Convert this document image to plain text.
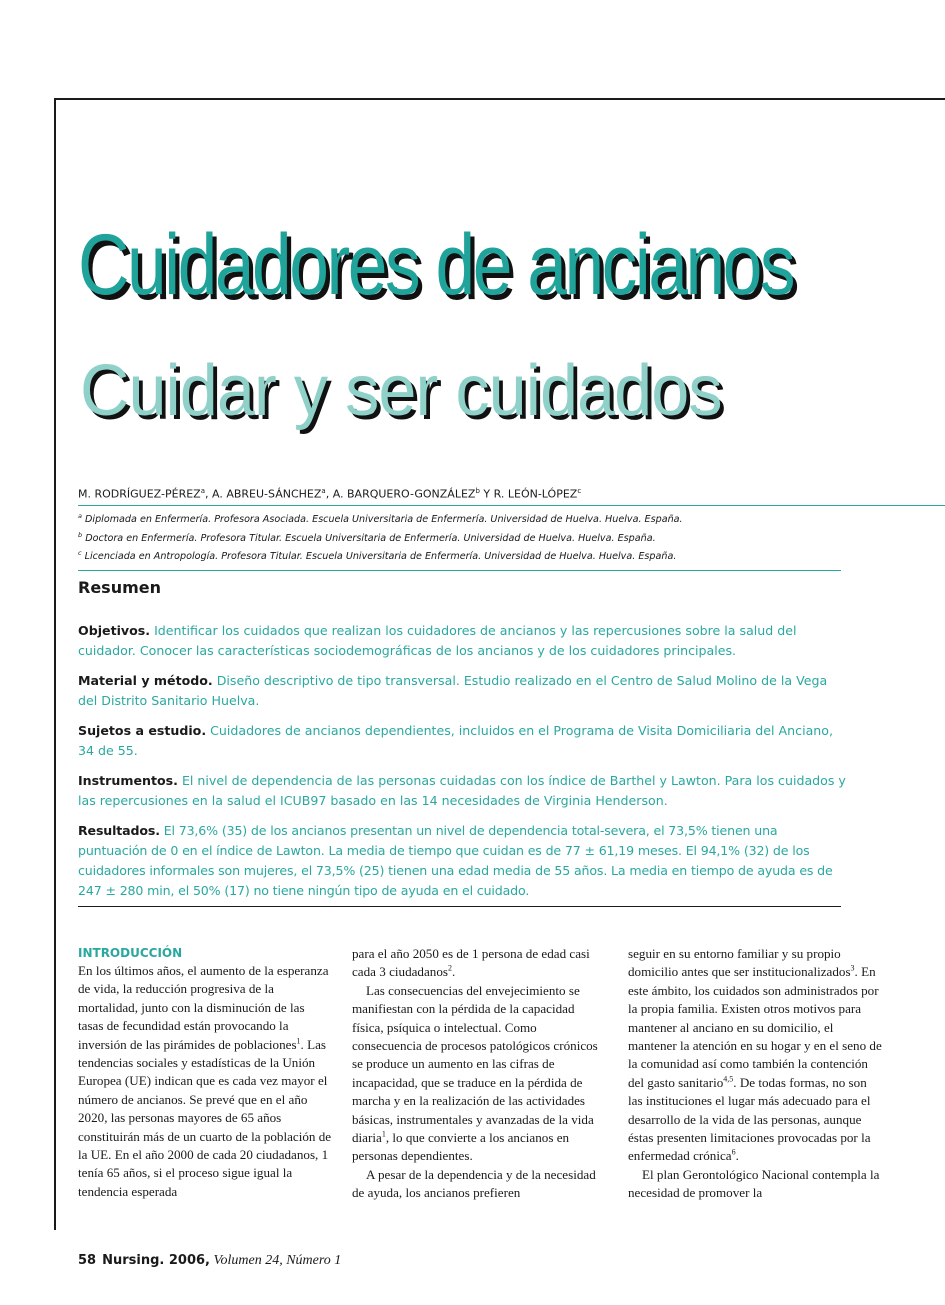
Cuidadores de ancianos
Cuidar y ser cuidados
M. RODRÍGUEZ-PÉREZ$^a$, A. ABREU-SÁNCHEZ$^a$, A. BARQUERO-GONZÁLEZ$^b$ Y R. LEÓN-LÓPEZ$^c$
$^a$ Diplomada en Enfermería. Profesora Asociada. Escuela Universitaria de Enfermería. Universidad de Huelva. Huelva. España.
$^b$ Doctora en Enfermería. Profesora Titular. Escuela Universitaria de Enfermería. Universidad de Huelva. Huelva. España.
$^c$ Licenciada en Antropología. Profesora Titular. Escuela Universitaria de Enfermería. Universidad de Huelva. Huelva. España.
Resumen

Objetivos. Identificar los cuidados que realizan los cuidadores de ancianos y las repercusiones sobre la salud del cuidador. Conocer las características sociodemográficas de los ancianos y de los cuidadores principales.

Material y método. Diseño descriptivo de tipo transversal. Estudio realizado en el Centro de Salud Molino de la Vega del Distrito Sanitario Huelva.

Sujetos a estudio. Cuidadores de ancianos dependientes, incluidos en el Programa de Visita Domiciliaria del Anciano, 34 de 55.

Instrumentos. El nivel de dependencia de las personas cuidadas con los índice de Barthel y Lawton. Para los cuidados y las repercusiones en la salud el ICUB97 basado en las 14 necesidades de Virginia Henderson.

Resultados. El 73,6% (35) de los ancianos presentan un nivel de dependencia total-severa, el 73,5% tienen una puntuación de 0 en el índice de Lawton. La media de tiempo que cuidan es de 77 ± 61,19 meses. El 94,1% (32) de los cuidadores informales son mujeres, el 73,5% (25) tienen una edad media de 55 años. La media en tiempo de ayuda es de 247 ± 280 min, el 50% (17) no tiene ningún tipo de ayuda en el cuidado.

INTRODUCCIÓN

En los últimos años, el aumento de la esperanza de vida, la reducción progresiva de la mortalidad, junto con la disminución de las tasas de fecundidad están provocando la inversión de las pirámides de poblaciones$^1$. Las tendencias sociales y estadísticas de la Unión Europea (UE) indican que es cada vez mayor el número de ancianos. Se prevé que en el año 2020, las personas mayores de 65 años constituirán más de un cuarto de la población de la UE. En el año 2000 de cada 20 ciudadanos, 1 tenía 65 años, si el proceso sigue igual la tendencia esperada

para el año 2050 es de 1 persona de edad casi cada 3 ciudadanos$^2$.

Las consecuencias del envejecimiento se manifiestan con la pérdida de la capacidad física, psíquica o intelectual. Como consecuencia de procesos patológicos crónicos se produce un aumento en las cifras de incapacidad, que se traduce en la pérdida de marcha y en la realización de las actividades básicas, instrumentales y avanzadas de la vida diaria$^1$, lo que convierte a los ancianos en personas dependientes.

A pesar de la dependencia y de la necesidad de ayuda, los ancianos prefieren

seguir en su entorno familiar y su propio domicilio antes que ser institucionalizados$^3$. En este ámbito, los cuidados son administrados por la propia familia. Existen otros motivos para mantener al anciano en su domicilio, el mantener la atención en su hogar y en el seno de la comunidad así como también la contención del gasto sanitario$^{4,5}$. De todas formas, no son las instituciones el lugar más adecuado para el desarrollo de la vida de las personas, aunque éstas presenten limitaciones provocadas por la enfermedad crónica$^6$.

El plan Gerontológico Nacional contempla la necesidad de promover la

58 Nursing. 2006, Volumen 24, Número 1
